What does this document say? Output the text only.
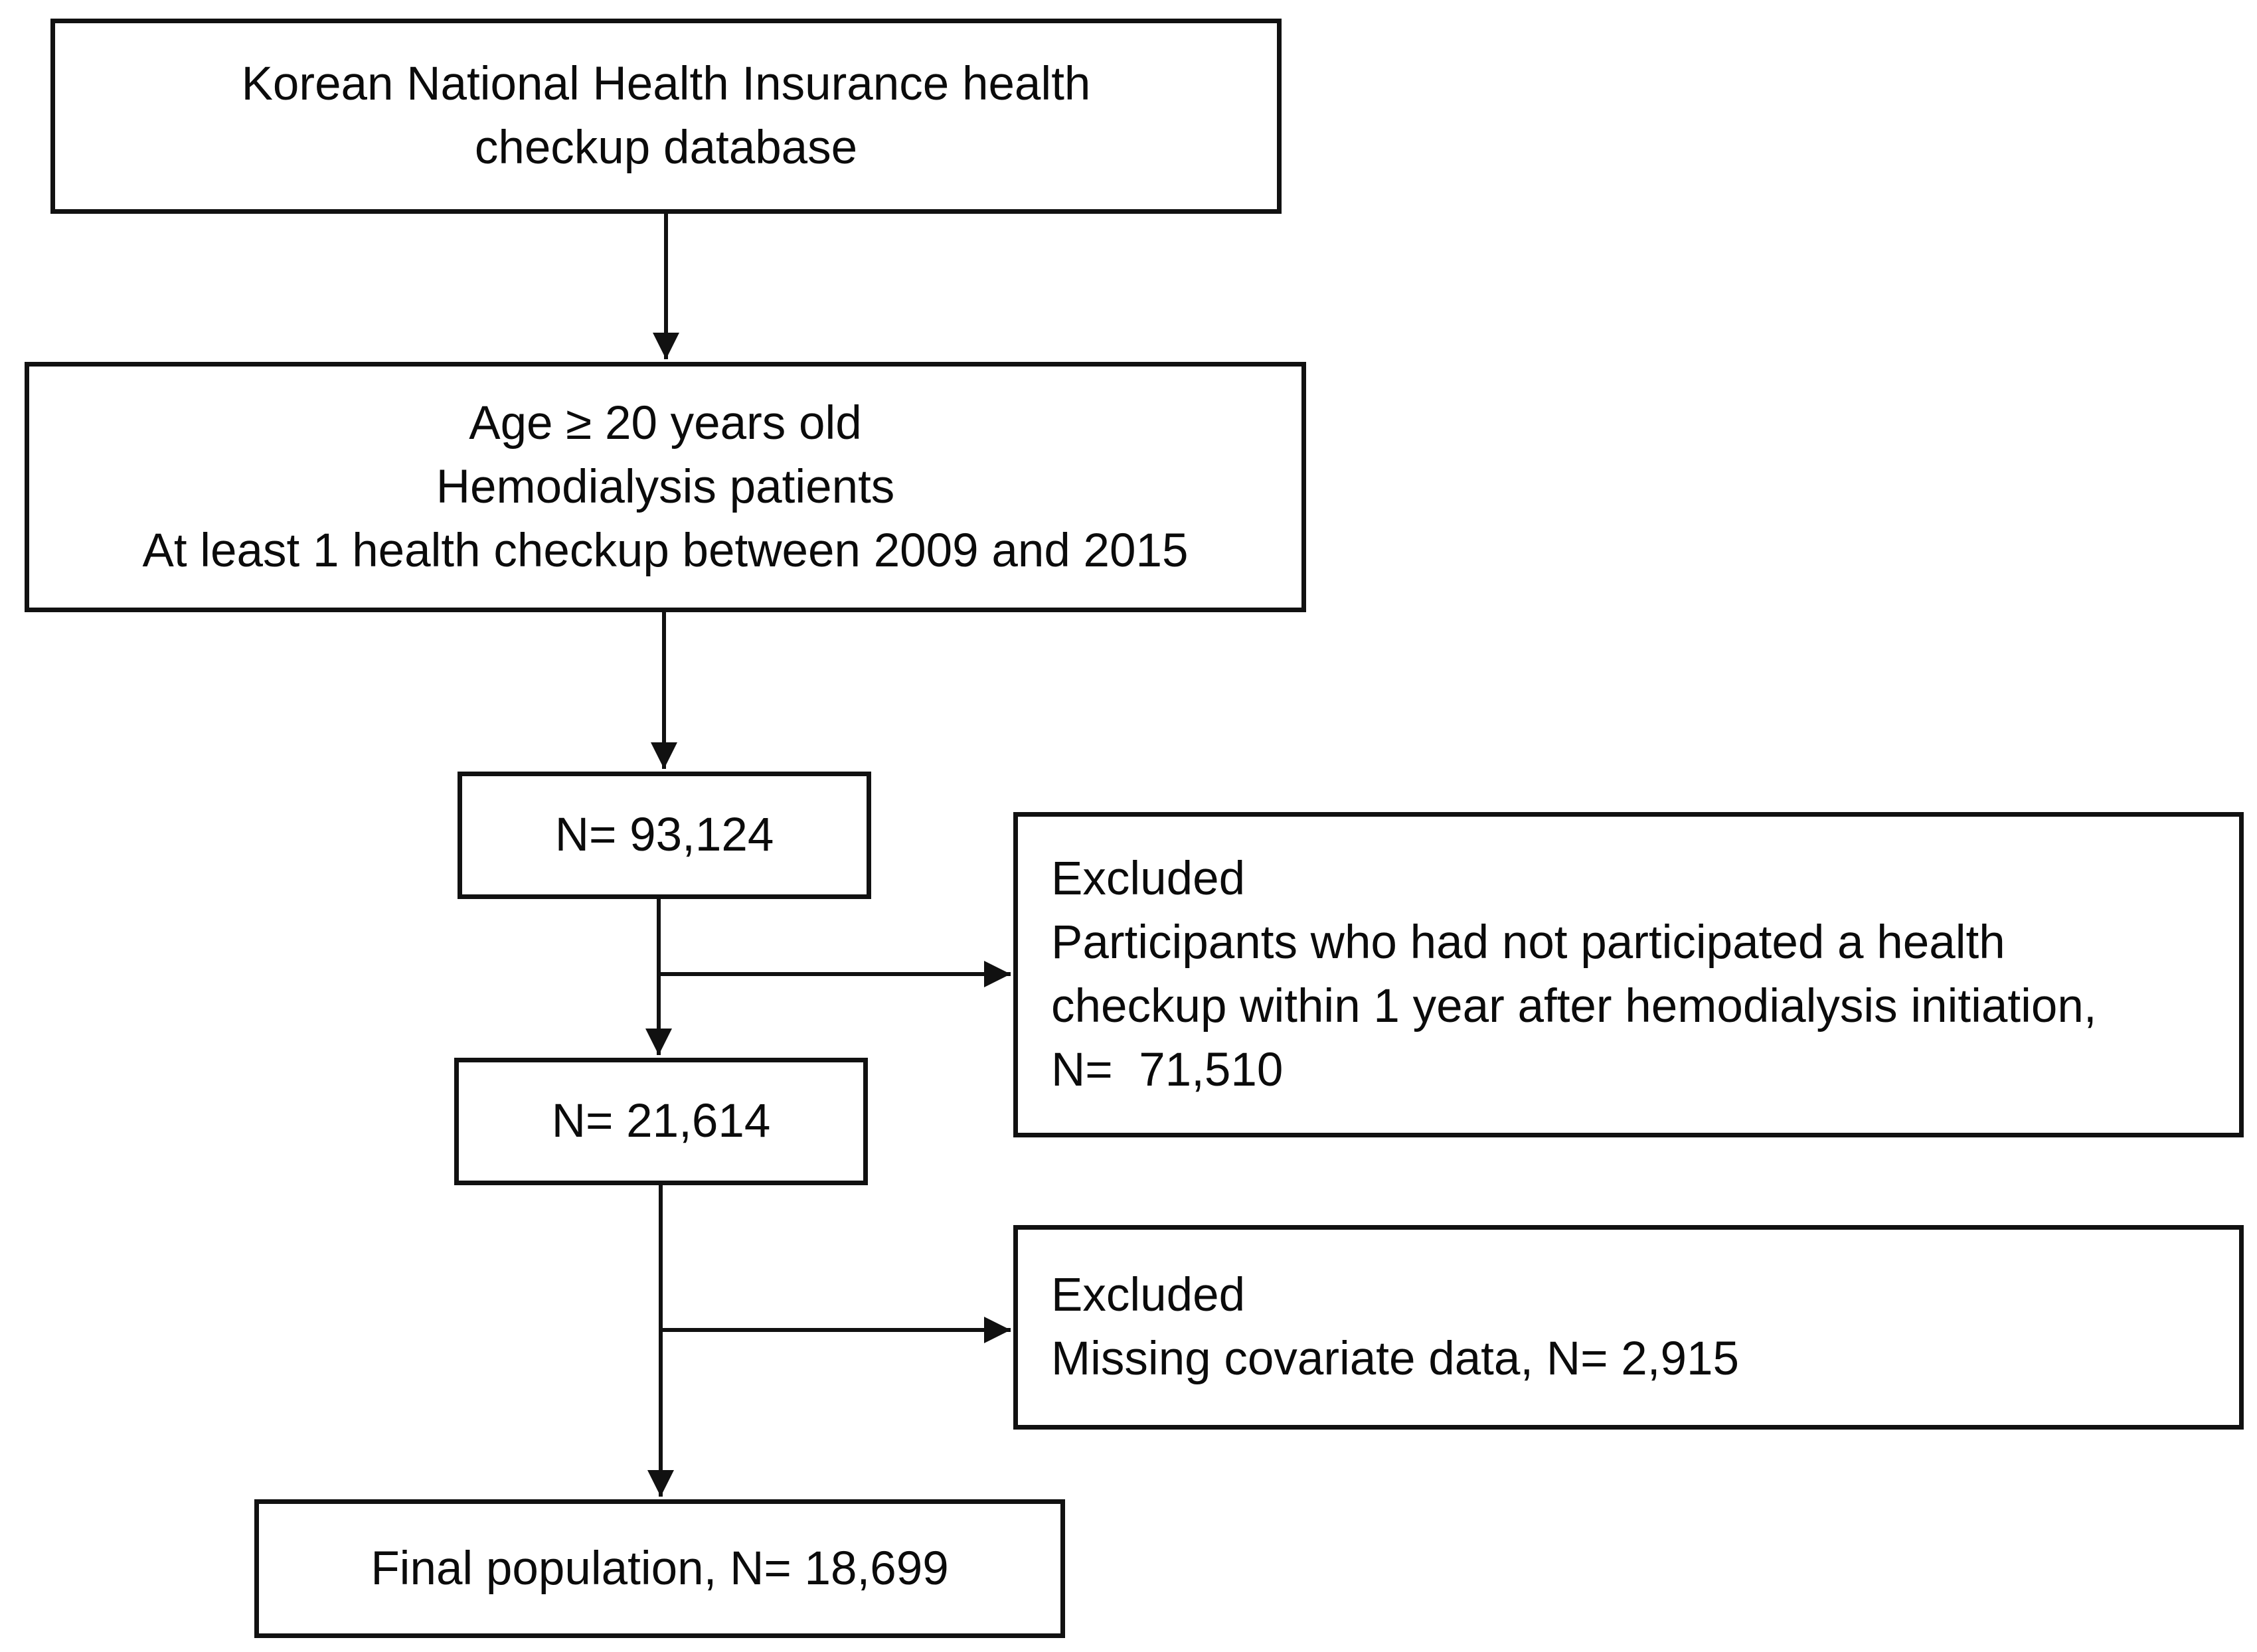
Korean National Health Insurance health
checkup database
Age ≥ 20 years old
Hemodialysis patients
At least 1 health checkup between 2009 and 2015
N= 93,124
Excluded
Participants who had not participated a health
checkup within 1 year after hemodialysis initiation,
N=  71,510
N= 21,614
Excluded
Missing covariate data, N= 2,915
Final population, N= 18,699
